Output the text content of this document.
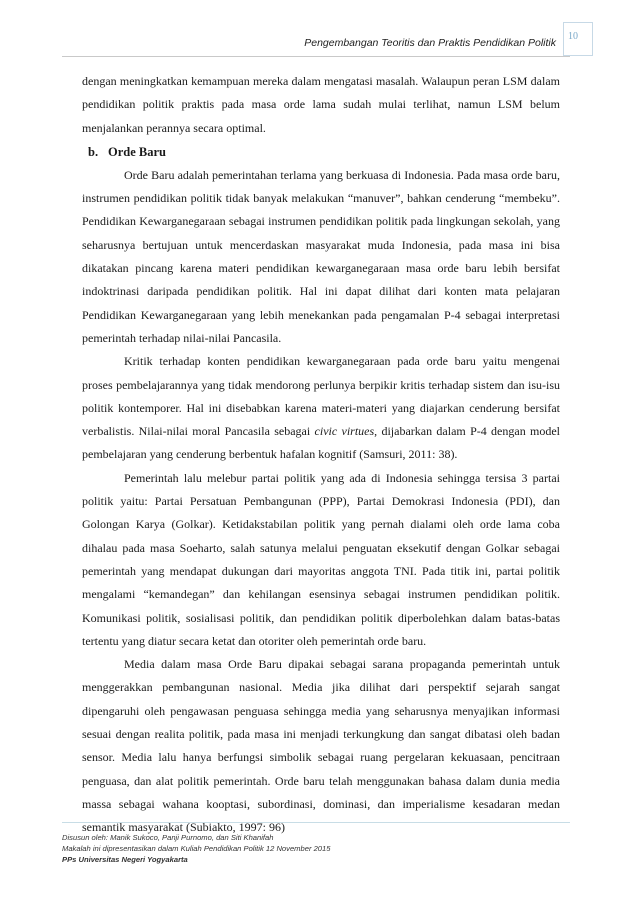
Pengembangan Teoritis dan Praktis Pendidikan Politik
10

dengan meningkatkan kemampuan mereka dalam mengatasi masalah. Walaupun peran LSM dalam pendidikan politik praktis pada masa orde lama sudah mulai terlihat, namun LSM belum menjalankan perannya secara optimal.

b. Orde Baru

Orde Baru adalah pemerintahan terlama yang berkuasa di Indonesia. Pada masa orde baru, instrumen pendidikan politik tidak banyak melakukan “manuver”, bahkan cenderung “membeku”. Pendidikan Kewarganegaraan sebagai instrumen pendidikan politik pada lingkungan sekolah, yang seharusnya bertujuan untuk mencerdaskan masyarakat muda Indonesia, pada masa ini bisa dikatakan pincang karena materi pendidikan kewarganegaraan masa orde baru lebih bersifat indoktrinasi daripada pendidikan politik. Hal ini dapat dilihat dari konten mata pelajaran Pendidikan Kewarganegaraan yang lebih menekankan pada pengamalan P-4 sebagai interpretasi pemerintah terhadap nilai-nilai Pancasila.

Kritik terhadap konten pendidikan kewarganegaraan pada orde baru yaitu mengenai proses pembelajarannya yang tidak mendorong perlunya berpikir kritis terhadap sistem dan isu-isu politik kontemporer. Hal ini disebabkan karena materi-materi yang diajarkan cenderung bersifat verbalistis. Nilai-nilai moral Pancasila sebagai civic virtues, dijabarkan dalam P-4 dengan model pembelajaran yang cenderung berbentuk hafalan kognitif (Samsuri, 2011: 38).

Pemerintah lalu melebur partai politik yang ada di Indonesia sehingga tersisa 3 partai politik yaitu: Partai Persatuan Pembangunan (PPP), Partai Demokrasi Indonesia (PDI), dan Golongan Karya (Golkar). Ketidakstabilan politik yang pernah dialami oleh orde lama coba dihalau pada masa Soeharto, salah satunya melalui penguatan eksekutif dengan Golkar sebagai pemerintah yang mendapat dukungan dari mayoritas anggota TNI. Pada titik ini, partai politik mengalami “kemandegan” dan kehilangan esensinya sebagai instrumen pendidikan politik. Komunikasi politik, sosialisasi politik, dan pendidikan politik diperbolehkan dalam batas-batas tertentu yang diatur secara ketat dan otoriter oleh pemerintah orde baru.

Media dalam masa Orde Baru dipakai sebagai sarana propaganda pemerintah untuk menggerakkan pembangunan nasional. Media jika dilihat dari perspektif sejarah sangat dipengaruhi oleh pengawasan penguasa sehingga media yang seharusnya menyajikan informasi sesuai dengan realita politik, pada masa ini menjadi terkungkung dan sangat dibatasi oleh badan sensor. Media lalu hanya berfungsi simbolik sebagai ruang pergelaran kekuasaan, pencitraan penguasa, dan alat politik pemerintah. Orde baru telah menggunakan bahasa dalam dunia media massa sebagai wahana kooptasi, subordinasi, dominasi, dan imperialisme kesadaran medan semantik masyarakat (Subiakto, 1997: 96)

Disusun oleh: Manik Sukoco, Panji Purnomo, dan Siti Khanifah
Makalah ini dipresentasikan dalam Kuliah Pendidikan Politik 12 November 2015
PPs Universitas Negeri Yogyakarta
